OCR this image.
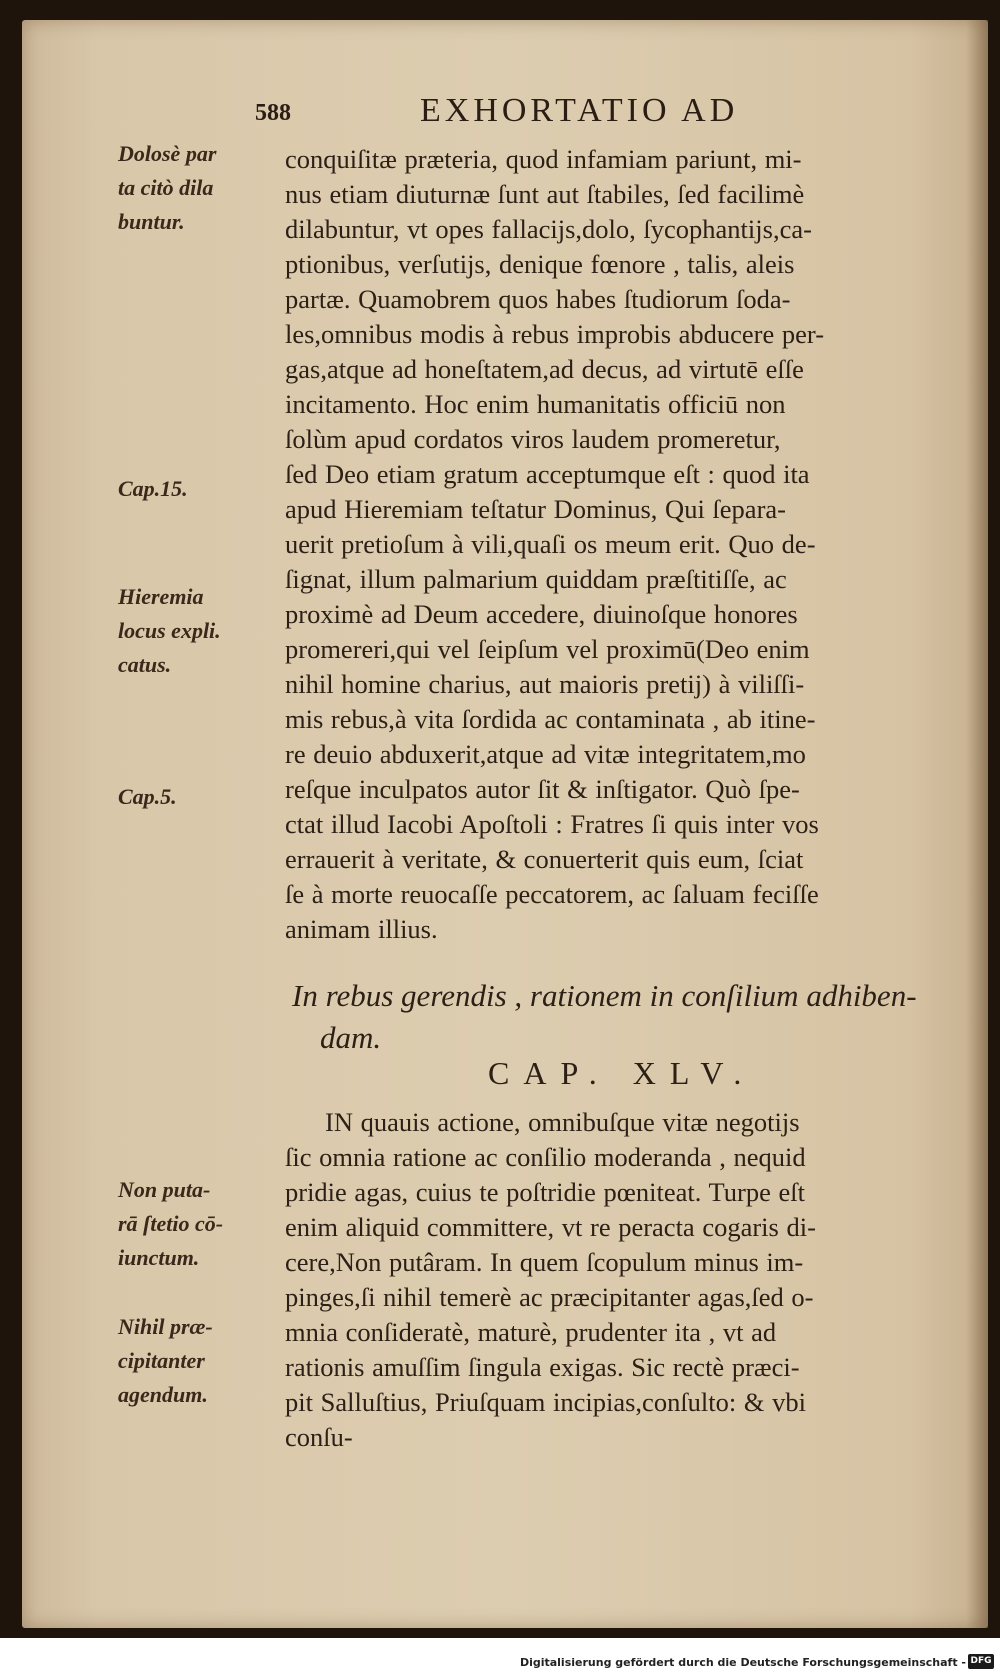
588	EXHORTATIO AD
Dolosè par
ta citò dila
buntur.
Cap.15.
Hieremia
locus expli.
catus.
Cap.5.
Non puta-
rā ſtetio cō-
iunctum.
Nihil præ-
cipitanter
agendum.
conquiſitæ præteria, quod infamiam pariunt, mi-
nus etiam diuturnæ ſunt aut ſtabiles, ſed facilimè
dilabuntur, vt opes fallacijs,dolo, ſycophantijs,ca-
ptionibus, verſutijs, denique fœnore , talis, aleis
partæ. Quamobrem quos habes ſtudiorum ſoda-
les,omnibus modis à rebus improbis abducere per-
gas,atque ad honeſtatem,ad decus, ad virtutē eſſe
incitamento. Hoc enim humanitatis officiū non
ſolùm apud cordatos viros laudem promeretur,
ſed Deo etiam gratum acceptumque eſt : quod ita
apud Hieremiam teſtatur Dominus, Qui ſepara-
uerit pretioſum à vili,quaſi os meum erit. Quo de-
ſignat, illum palmarium quiddam præſtitiſſe, ac
proximè ad Deum accedere, diuinoſque honores
promereri,qui vel ſeipſum vel proximū(Deo enim
nihil homine charius, aut maioris pretij) à viliſſi-
mis rebus,à vita ſordida ac contaminata , ab itine-
re deuio abduxerit,atque ad vitæ integritatem,mo
reſque inculpatos autor ſit & inſtigator. Quò ſpe-
ctat illud Iacobi Apoſtoli : Fratres ſi quis inter vos
errauerit à veritate, & conuerterit quis eum, ſciat
ſe à morte reuocaſſe peccatorem, ac ſaluam feciſſe
animam illius.
In rebus gerendis , rationem in conſilium adhiben-
dam.
CAP. XLV.
IN quauis actione, omnibuſque vitæ negotijs
ſic omnia ratione ac conſilio moderanda , nequid
pridie agas, cuius te poſtridie pœniteat. Turpe eſt
enim aliquid committere, vt re peracta cogaris di-
cere,Non putâram. In quem ſcopulum minus im-
pinges,ſi nihil temerè ac præcipitanter agas,ſed o-
mnia conſideratè, maturè, prudenter ita , vt ad
rationis amuſſim ſingula exigas. Sic rectè præci-
pit Salluſtius, Priuſquam incipias,conſulto: & vbi
conſu-
Digitalisierung gefördert durch die Deutsche Forschungsgemeinschaft - DFG
